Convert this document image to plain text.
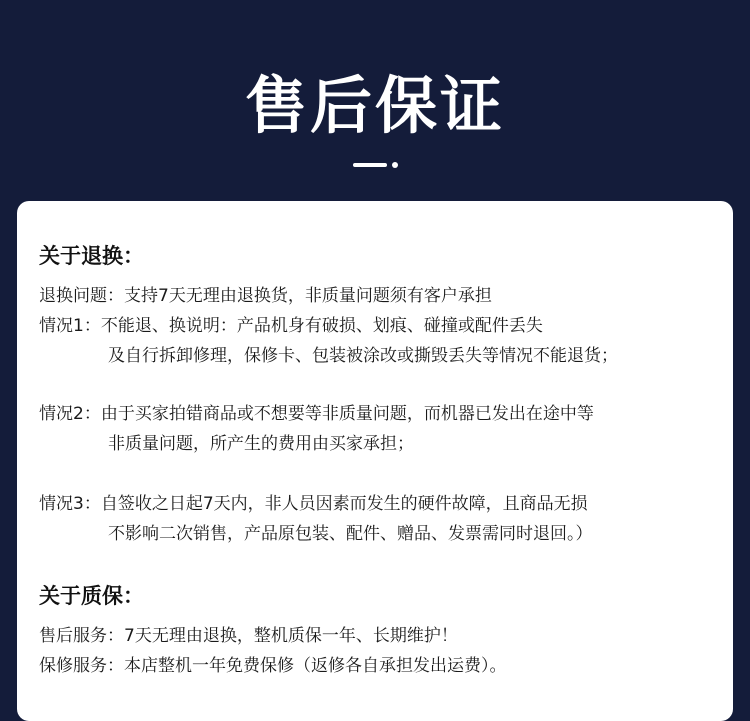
售后保证
关于退换：
退换问题：支持7天无理由退换货，非质量问题须有客户承担
情况1：不能退、换说明：产品机身有破损、划痕、碰撞或配件丢失
及自行拆卸修理，保修卡、包装被涂改或撕毁丢失等情况不能退货；
情况2：由于买家拍错商品或不想要等非质量问题，而机器已发出在途中等
非质量问题，所产生的费用由买家承担；
情况3：自签收之日起7天内，非人员因素而发生的硬件故障，且商品无损
不影响二次销售，产品原包装、配件、赠品、发票需同时退回。）
关于质保：
售后服务：7天无理由退换，整机质保一年、长期维护！
保修服务：本店整机一年免费保修（返修各自承担发出运费）。
